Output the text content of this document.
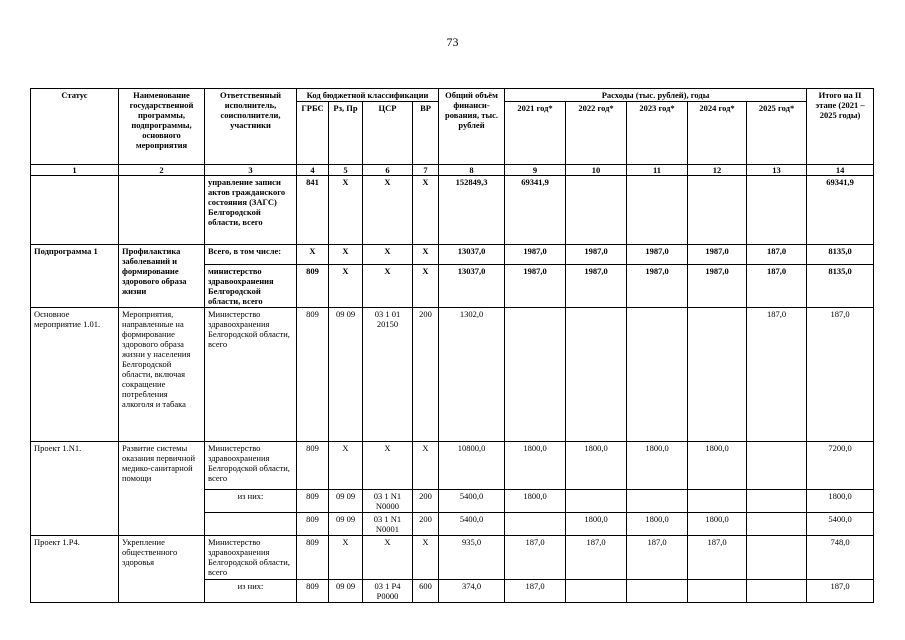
73
Статус	Наименование государственной программы, подпрограммы, основного мероприятия	Ответственный исполнитель, соисполнители, участники	Код бюджетной классификации				Общий объём финанси-рования, тыс. рублей	Расходы (тыс. рублей), годы					Итого на II этапе (2021 – 2025 годы)
			ГРБС	Рз, Пр	ЦСР	ВР		2021 год*	2022 год*	2023 год*	2024 год*	2025 год*	
1	2	3	4	5	6	7	8	9	10	11	12	13	14
		управление записи актов гражданского состояния (ЗАГС) Белгородской области, всего	841	Х	Х	Х	152849,3	69341,9					69341,9
Подпрограмма 1	Профилактика заболеваний и формирование здорового образа жизни	Всего, в том числе:	Х	Х	Х	Х	13037,0	1987,0	1987,0	1987,0	1987,0	187,0	8135,0
		министерство здравоохранения Белгородской области, всего	809	Х	Х	Х	13037,0	1987,0	1987,0	1987,0	1987,0	187,0	8135,0
Основное мероприятие 1.01.	Мероприятия, направленные на формирование здорового образа жизни у населения Белгородской области, включая сокращение потребления алкоголя и табака	Министерство здравоохранения Белгородской области, всего	809	09 09	03 1 01 20150	200	1302,0					187,0	187,0
Проект 1.N1.	Развитие системы оказания первичной медико-санитарной помощи	Министерство здравоохранения Белгородской области, всего	809	Х	Х	Х	10800,0	1800,0	1800,0	1800,0	1800,0		7200,0
		из них:	809	09 09	03 1 N1 N0000	200	5400,0	1800,0					1800,0
			809	09 09	03 1 N1 N0001	200	5400,0		1800,0	1800,0	1800,0		5400,0
Проект 1.Р4.	Укрепление общественного здоровья	Министерство здравоохранения Белгородской области, всего	809	Х	Х	Х	935,0	187,0	187,0	187,0	187,0		748,0
		из них:	809	09 09	03 1 Р4 Р0000	600	374,0	187,0					187,0
